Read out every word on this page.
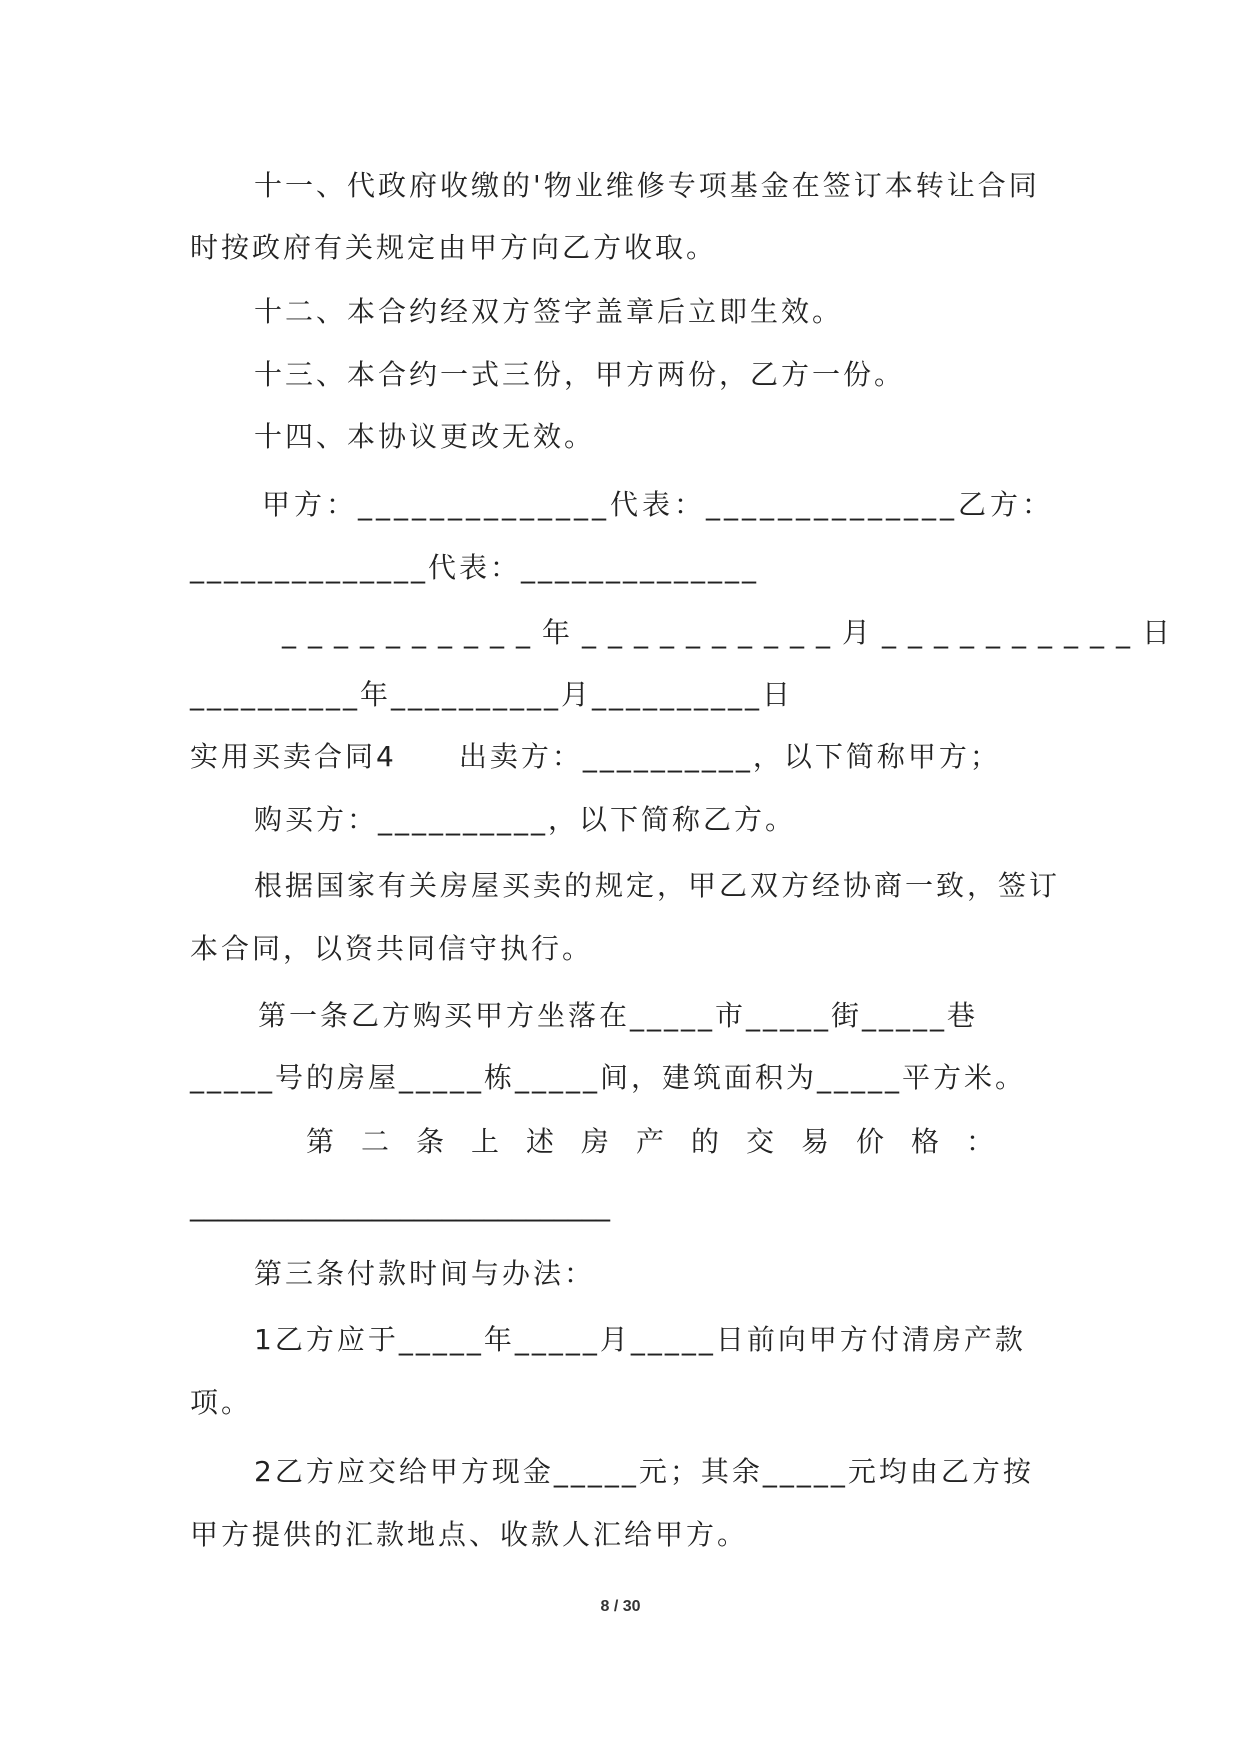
十一、代政府收缴的'物业维修专项基金在签订本转让合同
时按政府有关规定由甲方向乙方收取。
十二、本合约经双方签字盖章后立即生效。
十三、本合约一式三份，甲方两份，乙方一份。
十四、本协议更改无效。
甲方：______________代表：______________乙方：
______________代表：______________
__________年__________月__________日
__________年__________月__________日
实用买卖合同4　　出卖方：__________，以下简称甲方；
购买方：__________，以下简称乙方。
根据国家有关房屋买卖的规定，甲乙双方经协商一致，签订
本合同，以资共同信守执行。
第一条乙方购买甲方坐落在_____市_____街_____巷
_____号的房屋_____栋_____间，建筑面积为_____平方米。
第二条上述房产的交易价格：
______________________________
第三条付款时间与办法：
1乙方应于_____年_____月_____日前向甲方付清房产款
项。
2乙方应交给甲方现金_____元；其余_____元均由乙方按
甲方提供的汇款地点、收款人汇给甲方。
8 / 30
